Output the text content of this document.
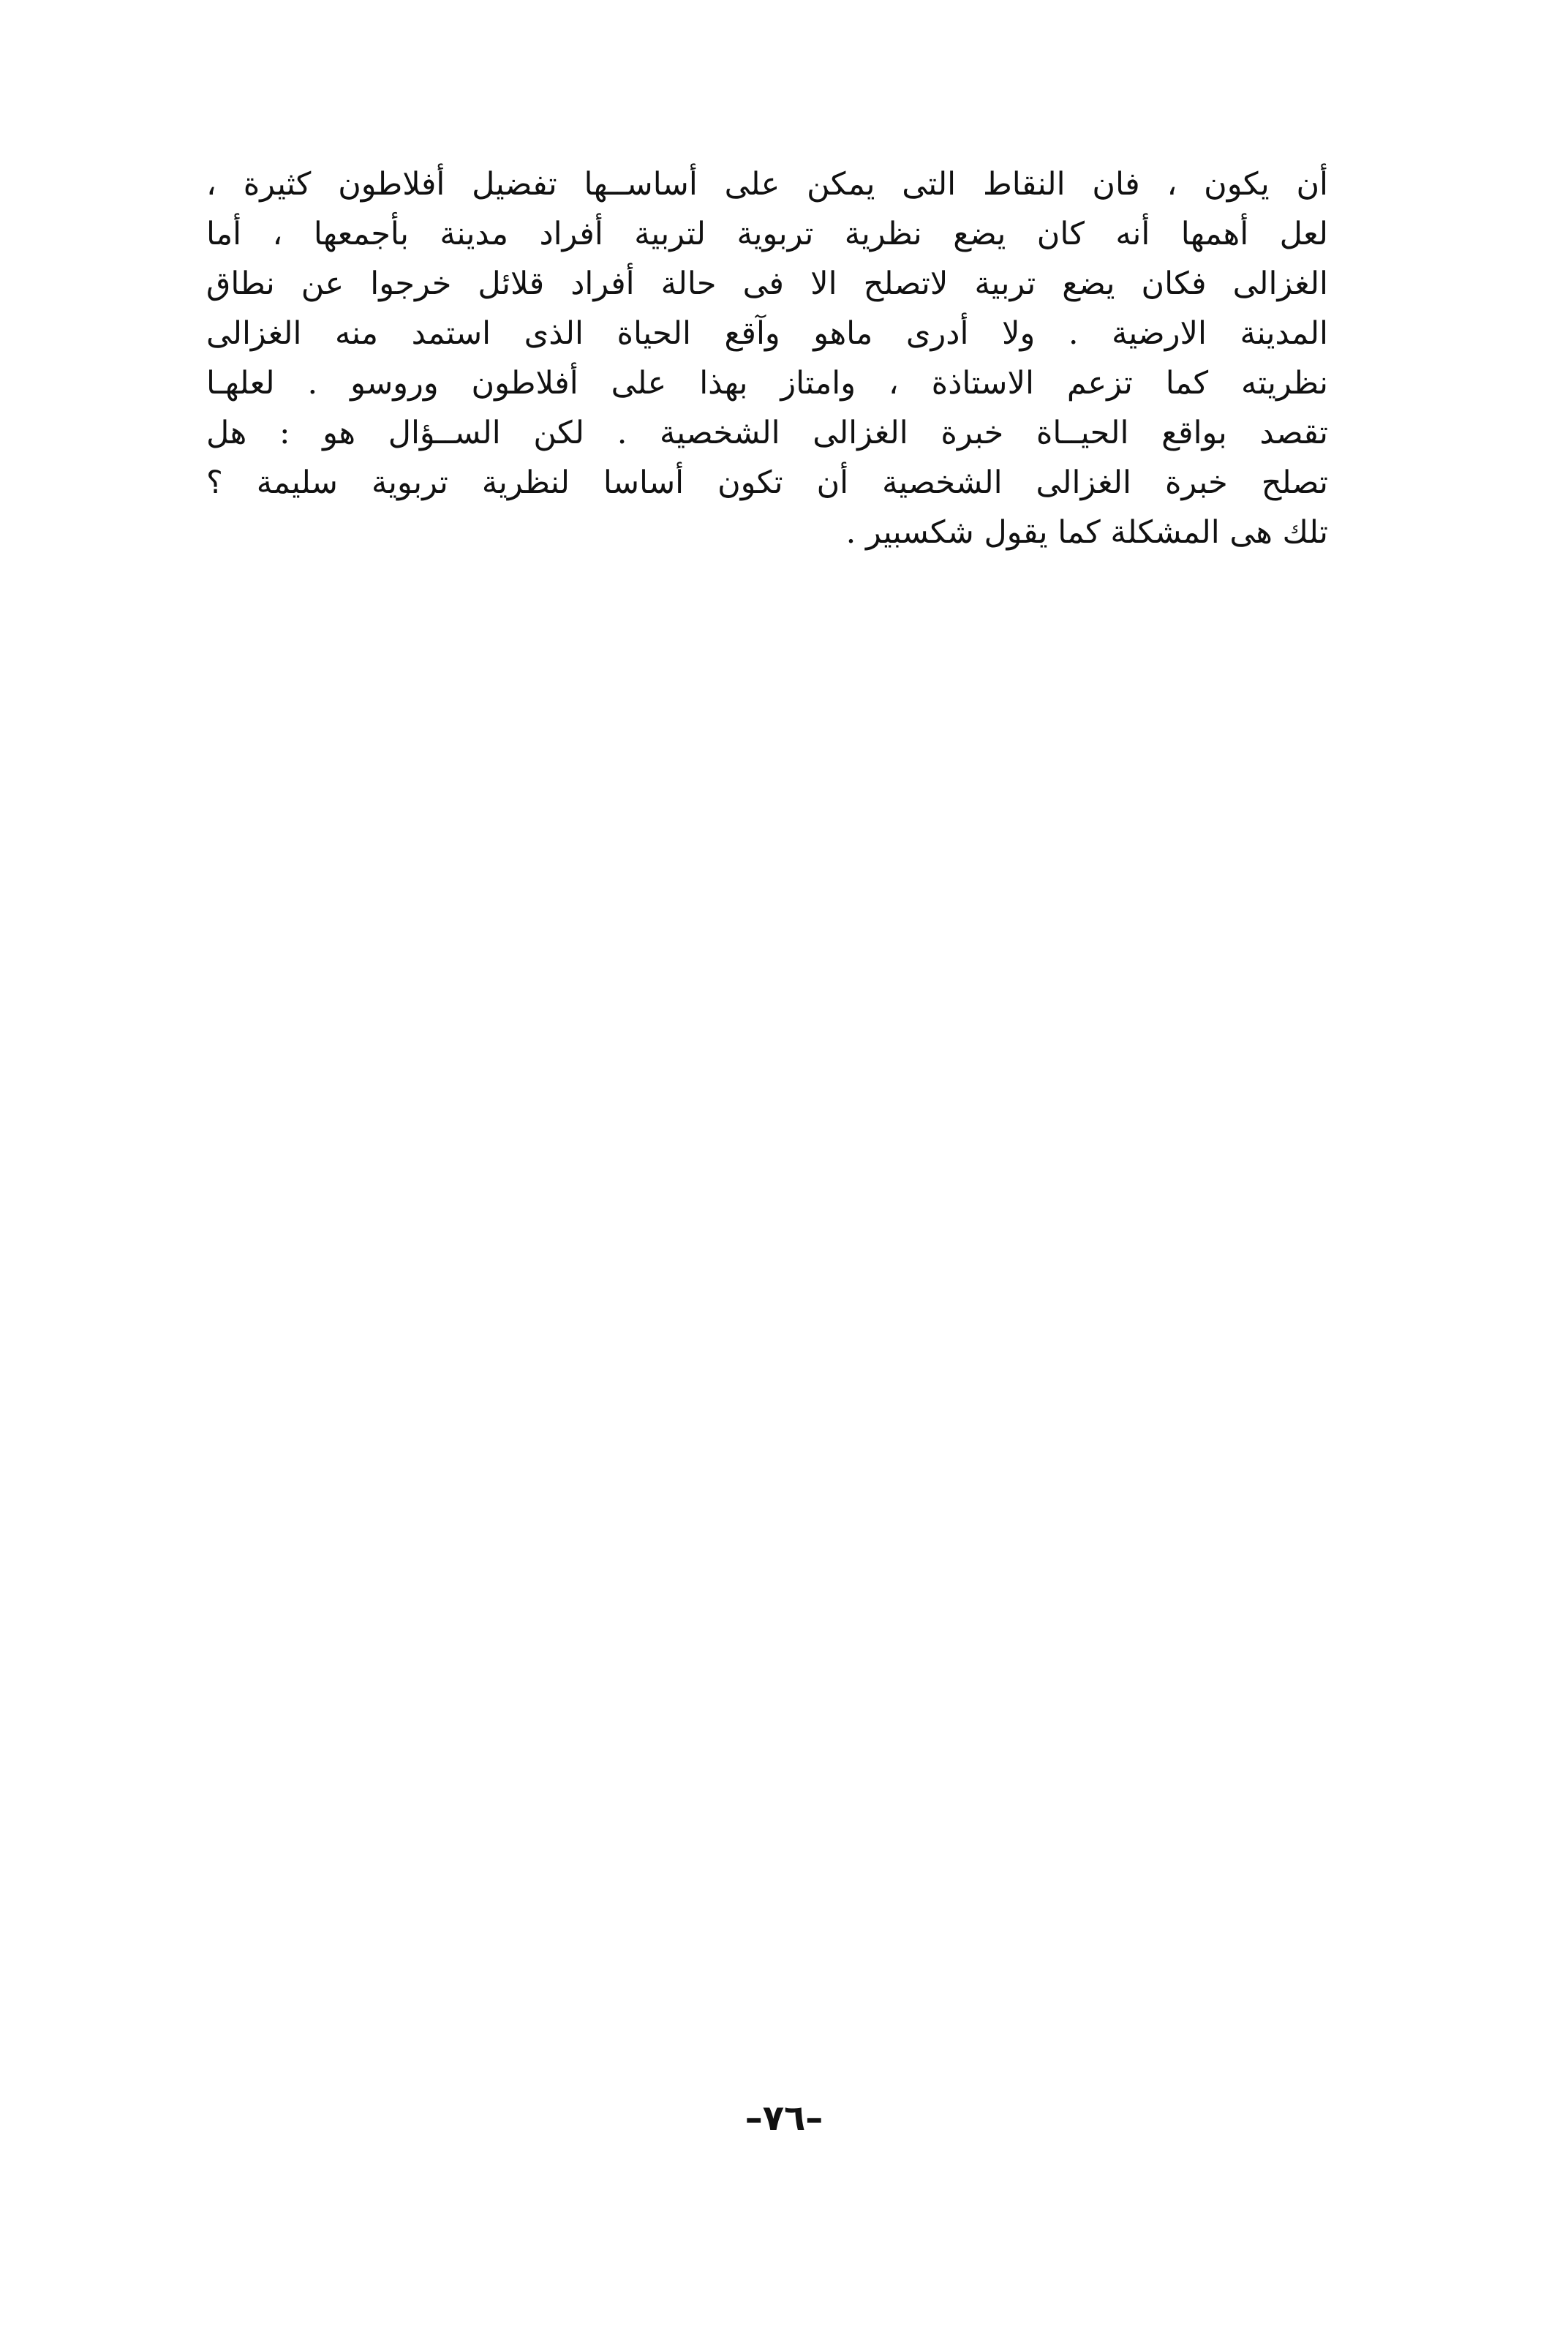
أن يكون ، فان النقاط التى يمكن على أساســها تفضيل أفلاطون كثيرة ،
لعل أهمها أنه كان يضع نظرية تربوية لتربية أفراد مدينة بأجمعها ، أما
الغزالى فكان يضع تربية لاتصلح الا فى حالة أفراد قلائل خرجوا عن نطاق
المدينة الارضية . ولا أدرى ماهو وآقع الحياة الذى استمد منه الغزالى
نظريته كما تزعم الاستاذة ، وامتاز بهذا على أفلاطون وروسو . لعلهـا
تقصد بواقع الحيــاة خبرة الغزالى الشخصية . لكن الســؤال هو : هل
تصلح خبرة الغزالى الشخصية أن تكون أساسا لنظرية تربوية سليمة ؟
تلك هى المشكلة كما يقول شكسبير .
–٧٦–
